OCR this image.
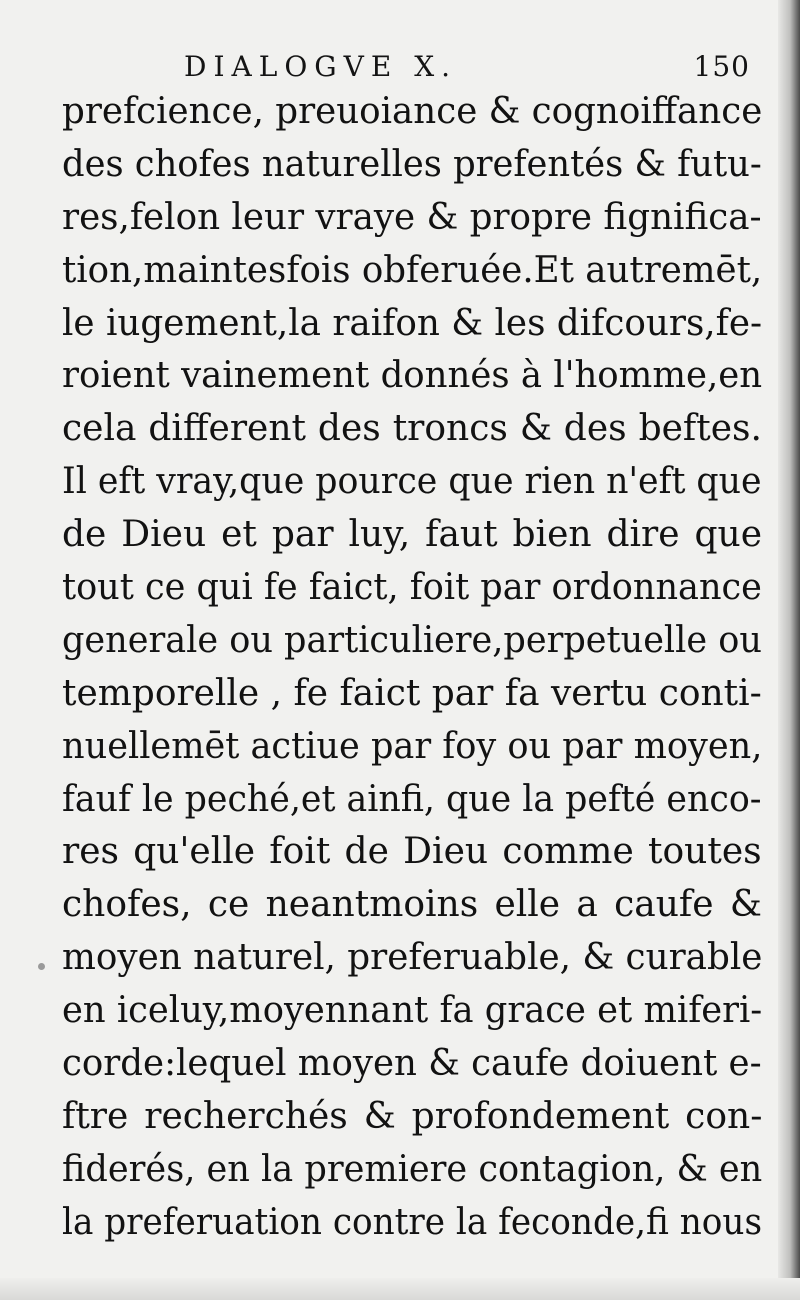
DIALOGVE X.	150
prefcience, preuoiance & cognoiffance
des chofes naturelles prefentés & futu-
res,felon leur vraye & propre fignifica-
tion,maintesfois obferuée.Et autremēt,
le iugement,la raifon & les difcours,fe-
roient vainement donnés à l'homme,en
cela different des troncs & des beftes.
Il eft vray,que pource que rien n'eft que
de Dieu et par luy, faut bien dire que
tout ce qui fe faict, foit par ordonnance
generale ou particuliere,perpetuelle ou
temporelle , fe faict par fa vertu conti-
nuellemēt actiue par foy ou par moyen,
fauf le peché,et ainfi, que la pefté enco-
res qu'elle foit de Dieu comme toutes
chofes, ce neantmoins elle a caufe &
moyen naturel, preferuable, & curable
en iceluy,moyennant fa grace et miferi-
corde:lequel moyen & caufe doiuent e-
ftre recherchés & profondement con-
fiderés, en la premiere contagion, & en
la preferuation contre la feconde,fi nous
